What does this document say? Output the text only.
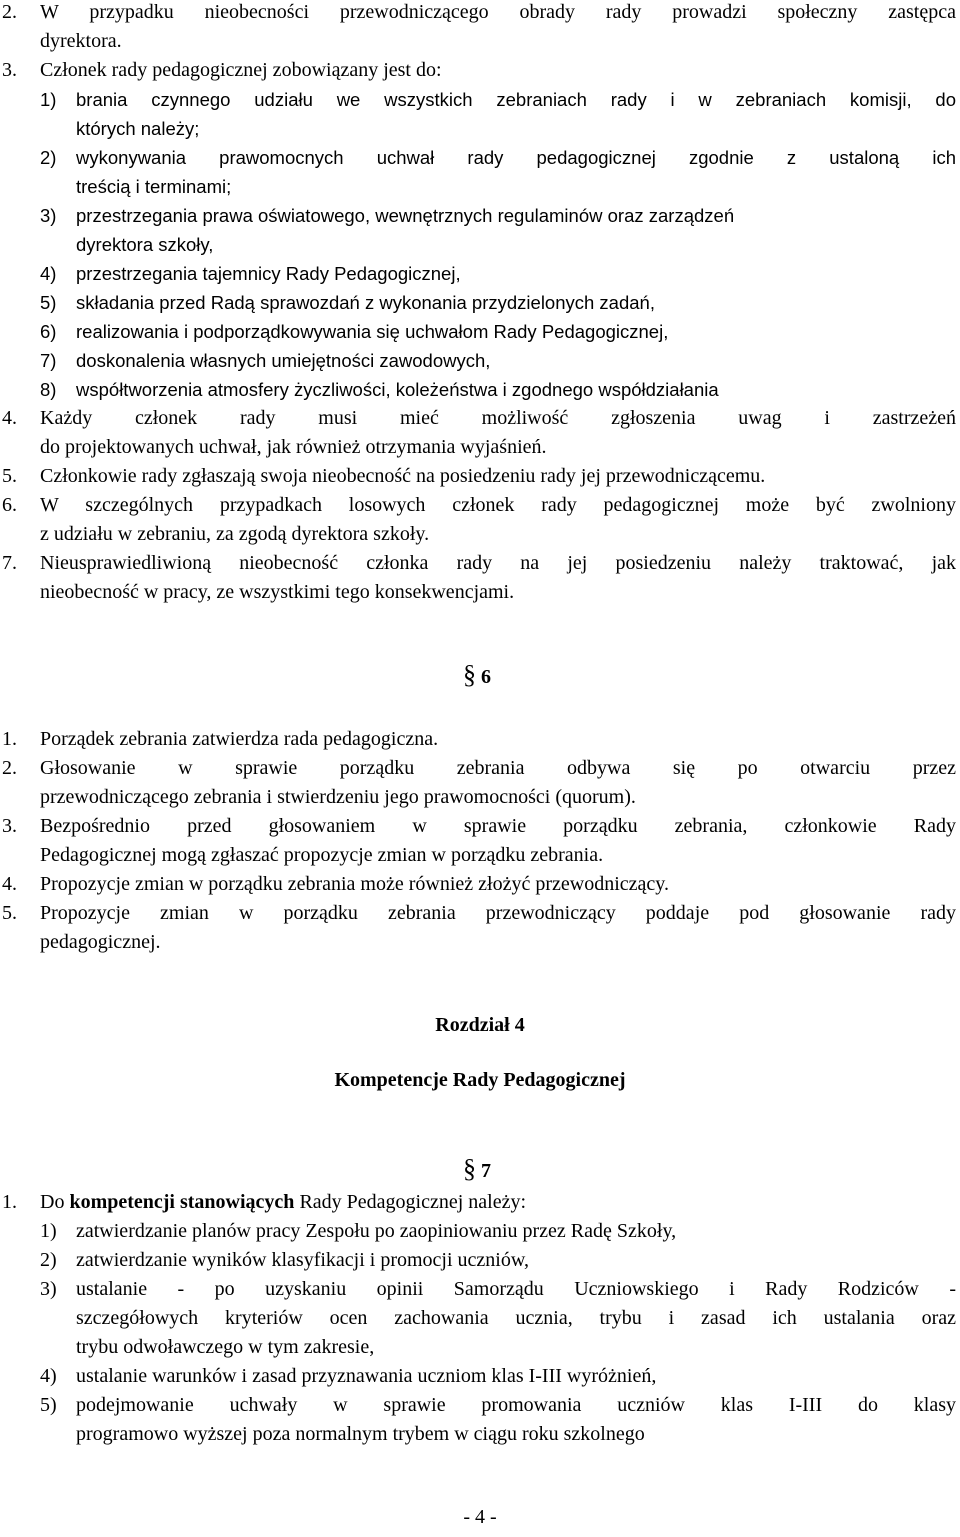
2.	W przypadku nieobecności przewodniczącego obrady rady prowadzi społeczny zastępca
dyrektora.
3.	Członek rady pedagogicznej zobowiązany jest do:
1) brania czynnego udziału we wszystkich zebraniach rady i w zebraniach komisji, do
których należy;
2) wykonywania prawomocnych uchwał rady pedagogicznej zgodnie z ustaloną ich
treścią i terminami;
3) przestrzegania prawa oświatowego, wewnętrznych regulaminów oraz zarządzeń
dyrektora szkoły,
4) przestrzegania tajemnicy Rady Pedagogicznej,
5) składania przed Radą sprawozdań z wykonania przydzielonych zadań,
6) realizowania i podporządkowywania się uchwałom Rady Pedagogicznej,
7) doskonalenia własnych umiejętności zawodowych,
8) współtworzenia atmosfery życzliwości, koleżeństwa i zgodnego współdziałania
4.	Każdy członek rady musi mieć możliwość zgłoszenia uwag i zastrzeżeń
do projektowanych uchwał, jak również otrzymania wyjaśnień.
5.	Członkowie rady zgłaszają swoja nieobecność na posiedzeniu rady jej przewodniczącemu.
6.	W szczególnych przypadkach losowych członek rady pedagogicznej może być zwolniony
z udziału w zebraniu, za zgodą dyrektora szkoły.
7.	Nieusprawiedliwioną nieobecność członka rady na jej posiedzeniu należy traktować, jak
nieobecność w pracy, ze wszystkimi tego konsekwencjami.
§ 6
1.	Porządek zebrania zatwierdza rada pedagogiczna.
2.	Głosowanie w sprawie porządku zebrania odbywa się po otwarciu przez
przewodniczącego zebrania i stwierdzeniu jego prawomocności (quorum).
3.	Bezpośrednio przed głosowaniem w sprawie porządku zebrania, członkowie Rady
Pedagogicznej mogą zgłaszać propozycje zmian w porządku zebrania.
4.	Propozycje zmian w porządku zebrania może również złożyć przewodniczący.
5.	Propozycje zmian w porządku zebrania przewodniczący poddaje pod głosowanie rady
pedagogicznej.
Rozdział 4
Kompetencje Rady Pedagogicznej
§ 7
1.	Do kompetencji stanowiących Rady Pedagogicznej należy:
1) zatwierdzanie planów pracy Zespołu po zaopiniowaniu przez Radę Szkoły,
2) zatwierdzanie wyników klasyfikacji i promocji uczniów,
3) ustalanie - po uzyskaniu opinii Samorządu Uczniowskiego i Rady Rodziców -
szczegółowych kryteriów ocen zachowania ucznia, trybu i zasad ich ustalania oraz
trybu odwoławczego w tym zakresie,
4) ustalanie warunków i zasad przyznawania uczniom klas I-III wyróżnień,
5) podejmowanie uchwały w sprawie promowania uczniów klas I-III do klasy
programowo wyższej poza normalnym trybem w ciągu roku szkolnego
- 4 -
